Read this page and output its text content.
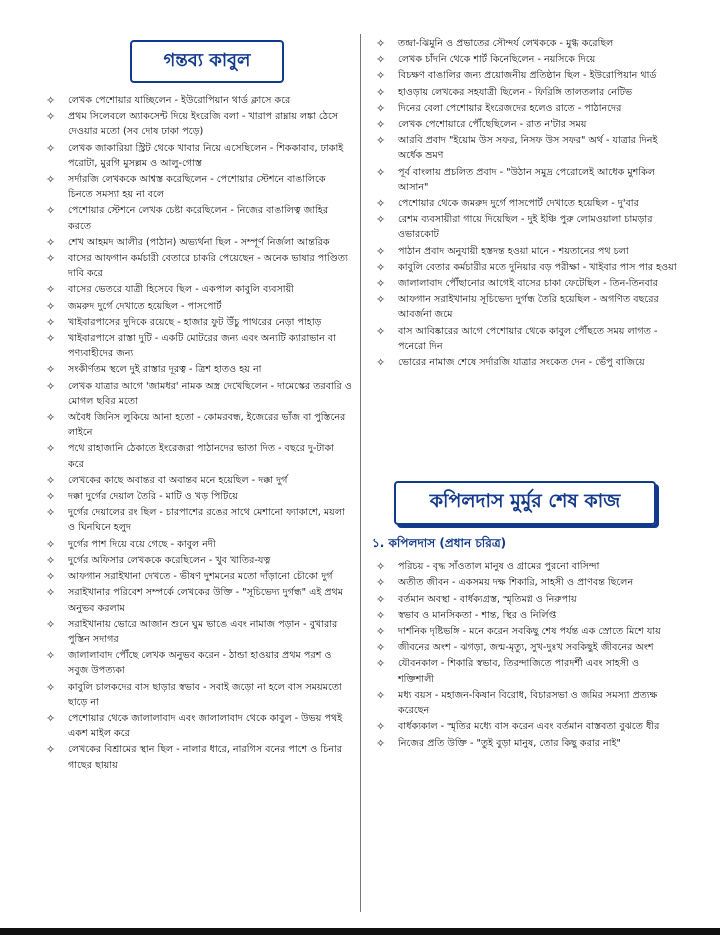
গন্তব্য কাবুল
✧ লেখক পেশোয়ার যাচ্ছিলেন - ইউরোপিয়ান থার্ড ক্লাসে করে
✧ প্রথম সিলেবলে অ্যাকসেন্ট দিয়ে ইংরেজি বলা - খারাপ রাম্নায় লঙ্কা ঠেসে দেওয়ার মতো (সব দোষ ঢাকা পড়ে)
✧ লেখক জাকারিয়া স্ট্রিট থেকে খাবার নিয়ে এসেছিলেন - শিককাবাব, ঢাকাই পরোটা, মুরগি মুসল্লম ও আলু-গোস্ত
✧ সর্দারজি লেখককে আশ্বস্ত করেছিলেন - পেশোয়ার স্টেশনে বাঙালিকে চিনতে সমস্যা হয় না বলে
✧ পেশোয়ার স্টেশনে লেখক চেষ্টা করেছিলেন - নিজের বাঙালিত্ব জাহির করতে
✧ শেখ আহমদ আলীর (পাঠান) অভ্যর্থনা ছিল - সম্পূর্ণ নির্জলা আন্তরিক
✧ বাসের আফগান কর্মচারী বেতারে চাকরি পেয়েছেন - অনেক ভাষার পাণ্ডিত্য দাবি করে
✧ বাসের ভেতরে যাত্রী হিসেবে ছিল - একপাল কাবুলি ব্যবসায়ী
✧ জমরুদ দুর্গে দেখাতে হয়েছিল - পাসপোর্ট
✧ খাইবারপাসের দুদিকে রয়েছে - হাজার ফুট উঁচু পাথরের নেড়া পাহাড়
✧ খাইবারপাসে রাস্তা দুটি - একটি মোটরের জন্য এবং অন্যটি ক্যারাভান বা পণ্যবাহীদের জন্য
✧ সংকীর্ণতম স্থলে দুই রাস্তার দূরত্ব - ত্রিশ হাতও হয় না
✧ লেখক যাত্রার আগে 'জামধর' নামক অস্ত্র দেখেছিলেন - দামেস্কের তরবারি ও মোগল ছবির মতো
✧ অবৈধ জিনিস লুকিয়ে আনা হতো - কোমরবন্ধ, ইজেরের ভাঁজ বা পুস্তিনের লাইনে
✧ পথে রাহাজানি ঠেকাতে ইংরেজরা পাঠানদের ভাতা দিত - বছরে দু-টাকা করে
✧ লেখকের কাছে অবান্তর বা অবান্তব মনে হয়েছিল - দক্কা দুর্গ
✧ দক্কা দুর্গের দেয়াল তৈরি - মাটি ও খড় পিটিয়ে
✧ দুর্গের দেয়ালের রং ছিল - চারপাশের রঙের সাথে মেশানো ফ্যাকাশে, ময়লা ও ঘিনঘিনে হলুদ
✧ দুর্গের পাশ দিয়ে বয়ে গেছে - কাবুল নদী
✧ দুর্গের অফিসার লেখককে করেছিলেন - খুব খাতির-যত্ন
✧ আফগান সরাইখানা দেখতে - ভীষণ দুশমনের মতো দাঁড়ানো চৌকো দুর্গ
✧ সরাইখানার পরিবেশ সম্পর্কে লেখকের উক্তি - "সূচিভেদ্য দুর্গন্ধ" এই প্রথম অনুভব করলাম
✧ সরাইখানায় ভোরে আজান শুনে ঘুম ভাঙে এবং নামাজ পড়ান - বুখারার পুস্তিন সদাগর
✧ জালালাবাদ পৌঁছে লেখক অনুভব করেন - ঠান্ডা হাওয়ার প্রথম পরশ ও সবুজ উপত্যকা
✧ কাবুলি চালকদের বাস ছাড়ার স্বভাব - সবাই জড়ো না হলে বাস সময়মতো ছাড়ে না
✧ পেশোয়ার থেকে জালালাবাদ এবং জালালাবাদ থেকে কাবুল - উভয় পথই একশ মাইল করে
✧ লেখকের বিশ্রামের স্থান ছিল - নালার ধারে, নারগিস বনের পাশে ও চিনার গাছের ছায়ায়
✧ তন্দ্রা-ঝিমুনি ও প্রভাতের সৌন্দর্য লেখককে - মুগ্ধ করেছিল
✧ লেখক চাঁদনি থেকে শার্ট কিনেছিলেন - নয়সিকে দিয়ে
✧ বিচক্ষণ বাঙালির জন্য প্রয়োজনীয় প্রতিষ্ঠান ছিল - ইউরোপিয়ান থার্ড
✧ হাওড়ায় লেখকের সহযাত্রী ছিলেন - ফিরিঙ্গি তালতলার নেটিভ
✧ দিনের বেলা পেশোয়ার ইংরেজদের হলেও রাতে - পাঠানদের
✧ লেখক পেশোয়ারে পৌঁছেছিলেন - রাত ন'টার সময়
✧ আরবি প্রবাদ "ইয়োম উস সফর, নিসফ উস সফর" অর্থ - যাত্রার দিনই অর্ধেক ভ্রমণ
✧ পূর্ব বাংলায় প্রচলিত প্রবাদ - "উঠান সমুদ্র পেরোলেই আধেক মুশকিল আসান"
✧ পেশোয়ার থেকে জমরুদ দুর্গে পাসপোর্ট দেখাতে হয়েছিল - দু'বার
✧ রেশম ব্যবসায়ীরা গায়ে দিয়েছিল - দুই ইঞ্চি পুরু লোমওয়ালা চামড়ার ওভারকোট
✧ পাঠান প্রবাদ অনুযায়ী হস্তদন্ত হওয়া মানে - শয়তানের পথ চলা
✧ কাবুলি বেতার কর্মচারীর মতে দুনিয়ার বড় পরীক্ষা - খাইবার পাস পার হওয়া
✧ জালালাবাদ পৌঁছানোর আগেই বাসের চাকা ফেটেছিল - তিন-তিনবার
✧ আফগান সরাইখানায় সূচিভেদ্য দুর্গন্ধ তৈরি হয়েছিল - অগণিত বছরের আবর্জনা জমে
✧ বাস আবিষ্কারের আগে পেশোয়ার থেকে কাবুল পৌঁছতে সময় লাগত - পনেরো দিন
✧ ভোরের নামাজ শেষে সর্দারজি যাত্রার সংকেত দেন - ভেঁপু বাজিয়ে
কপিলদাস মুর্মুর শেষ কাজ
১. কপিলদাস (প্রধান চরিত্র)
✧ পরিচয় - বৃদ্ধ সাঁওতাল মানুষ ও গ্রামের পুরনো বাসিন্দা
✧ অতীত জীবন - একসময় দক্ষ শিকারি, সাহসী ও প্রাণবন্ত ছিলেন
✧ বর্তমান অবস্থা - বার্ধক্যগ্রস্ত, স্মৃতিমগ্ন ও নিরুপায়
✧ স্বভাব ও মানসিকতা - শান্ত, স্থির ও নির্লিপ্ত
✧ দার্শনিক দৃষ্টিভঙ্গি - মনে করেন সবকিছু শেষ পর্যন্ত এক স্রোতে মিশে যায়
✧ জীবনের অংশ - ঝগড়া, জন্ম-মৃত্যু, সুখ-দুঃখ সবকিছুই জীবনের অংশ
✧ যৌবনকাল - শিকারি স্বভাব, তিরন্দাজিতে পারদর্শী এবং সাহসী ও শক্তিশালী
✧ মধ্য বয়স - মহাজন-কিষান বিরোধ, বিচারসভা ও জমির সমস্যা প্রত্যক্ষ করেছেন
✧ বার্ধক্যকাল - স্মৃতির মধ্যে বাস করেন এবং বর্তমান বাস্তবতা বুঝতে ধীর
✧ নিজের প্রতি উক্তি - "তুই বুড়া মানুষ, তোর কিছু করার নাই"
